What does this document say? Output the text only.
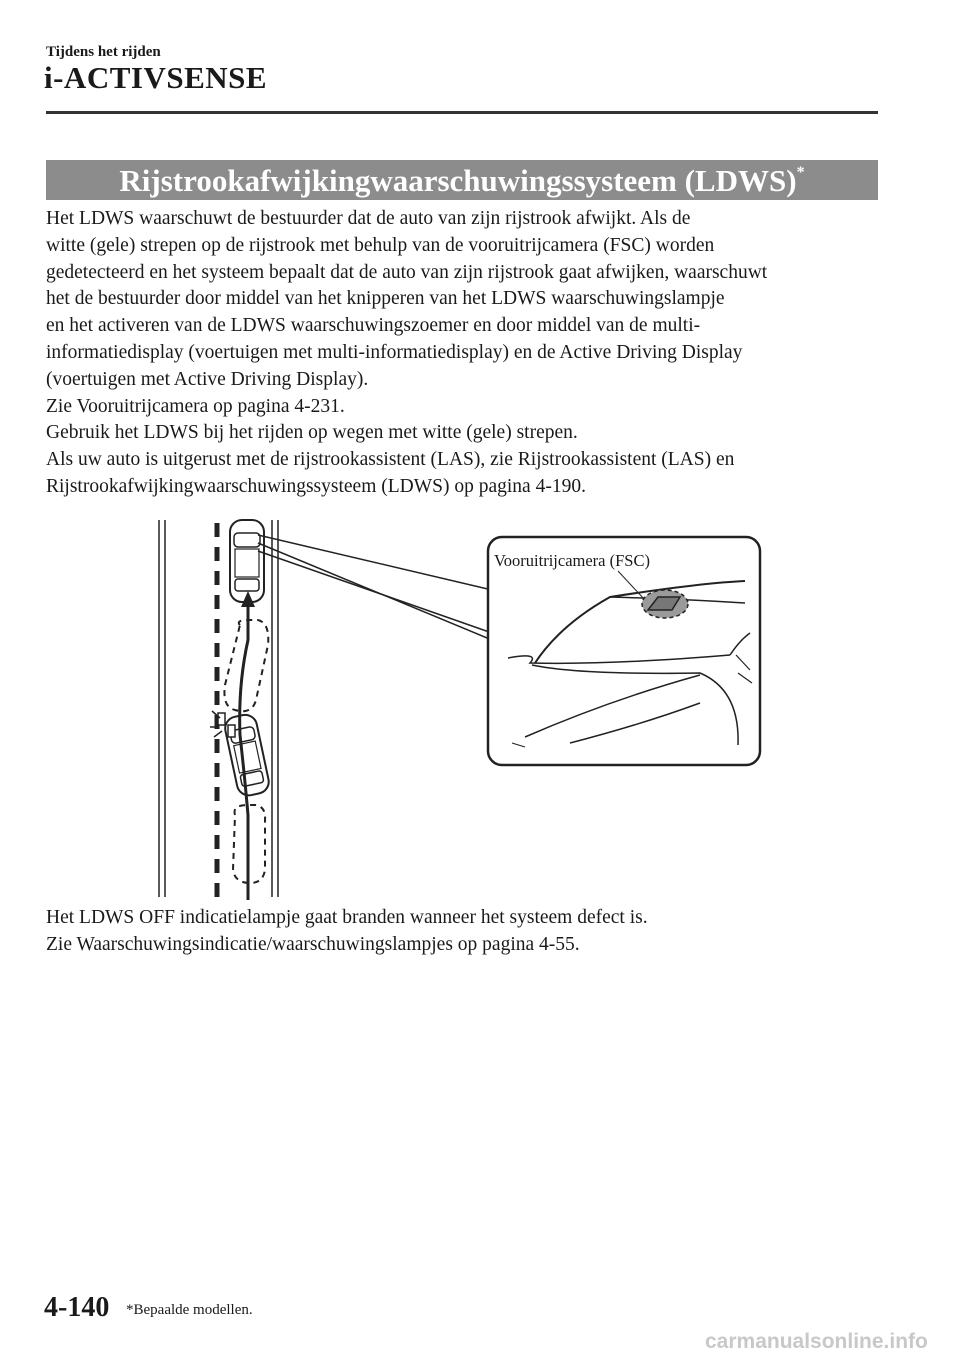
Tijdens het rijden
i-ACTIVSENSE
Rijstrookafwijkingwaarschuwingssysteem (LDWS)*

Het LDWS waarschuwt de bestuurder dat de auto van zijn rijstrook afwijkt. Als de

witte (gele) strepen op de rijstrook met behulp van de vooruitrijcamera (FSC) worden

gedetecteerd en het systeem bepaalt dat de auto van zijn rijstrook gaat afwijken, waarschuwt

het de bestuurder door middel van het knipperen van het LDWS waarschuwingslampje

en het activeren van de LDWS waarschuwingszoemer en door middel van de multi-

informatiedisplay (voertuigen met multi-informatiedisplay) en de Active Driving Display

(voertuigen met Active Driving Display).

Zie Vooruitrijcamera op pagina 4-231.

Gebruik het LDWS bij het rijden op wegen met witte (gele) strepen.

Als uw auto is uitgerust met de rijstrookassistent (LAS), zie Rijstrookassistent (LAS) en

Rijstrookafwijkingwaarschuwingssysteem (LDWS) op pagina 4-190.

Vooruitrijcamera (FSC)

Het LDWS OFF indicatielampje gaat branden wanneer het systeem defect is.

Zie Waarschuwingsindicatie/waarschuwingslampjes op pagina 4-55.

4-140 *Bepaalde modellen.
carmanualsonline.info
